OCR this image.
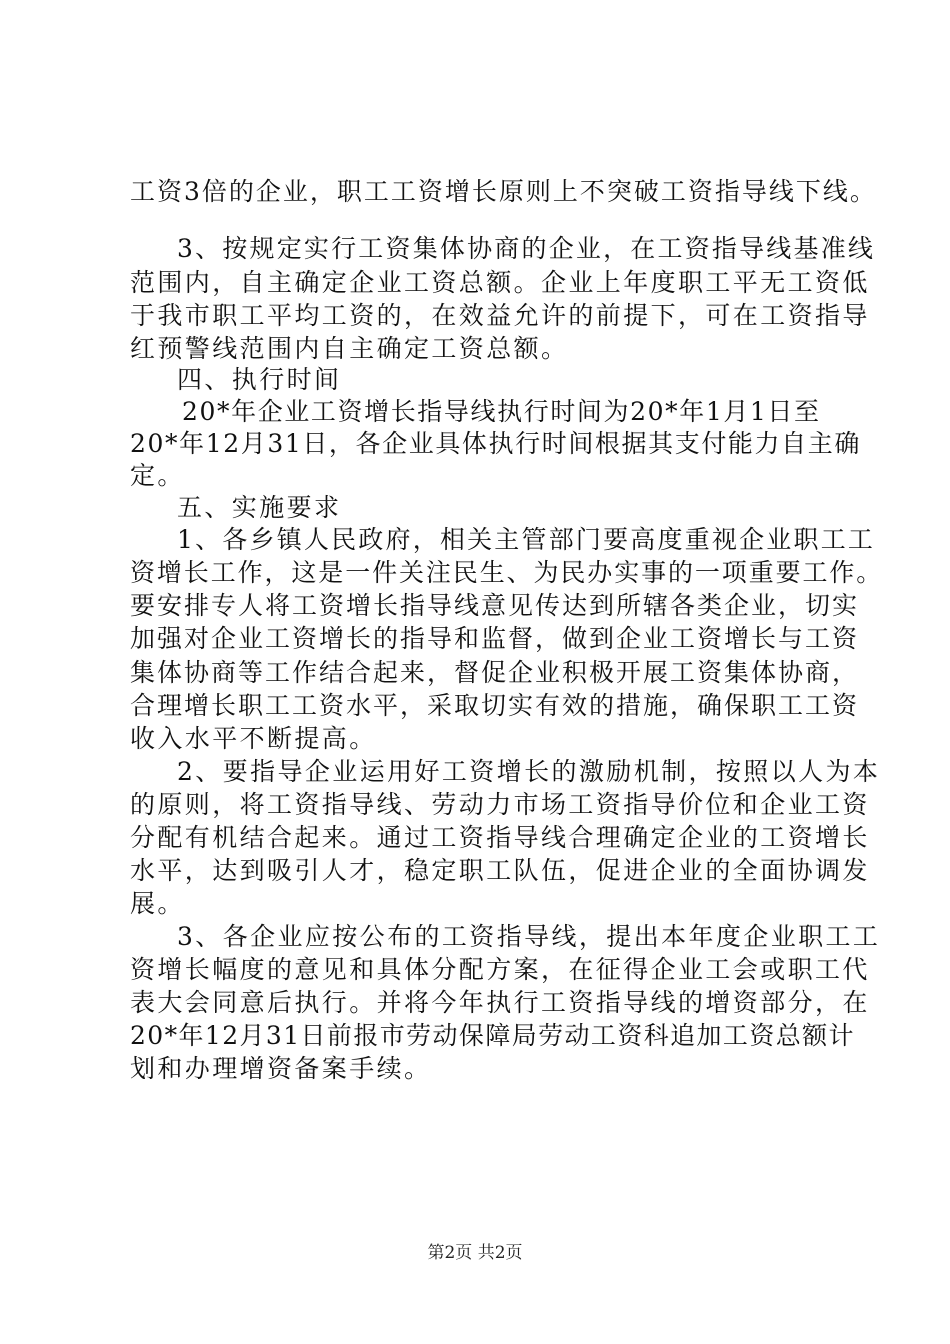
工资3倍的企业，职工工资增长原则上不突破工资指导线下线。
3、按规定实行工资集体协商的企业，在工资指导线基准线
范围内，自主确定企业工资总额。企业上年度职工平无工资低
于我市职工平均工资的，在效益允许的前提下，可在工资指导
红预警线范围内自主确定工资总额。
四、执行时间
20*年企业工资增长指导线执行时间为20*年1月1日至
20*年12月31日，各企业具体执行时间根据其支付能力自主确
定。
五、实施要求
1、各乡镇人民政府，相关主管部门要高度重视企业职工工
资增长工作，这是一件关注民生、为民办实事的一项重要工作。
要安排专人将工资增长指导线意见传达到所辖各类企业，切实
加强对企业工资增长的指导和监督，做到企业工资增长与工资
集体协商等工作结合起来，督促企业积极开展工资集体协商，
合理增长职工工资水平，采取切实有效的措施，确保职工工资
收入水平不断提高。
2、要指导企业运用好工资增长的激励机制，按照以人为本
的原则，将工资指导线、劳动力市场工资指导价位和企业工资
分配有机结合起来。通过工资指导线合理确定企业的工资增长
水平，达到吸引人才，稳定职工队伍，促进企业的全面协调发
展。
3、各企业应按公布的工资指导线，提出本年度企业职工工
资增长幅度的意见和具体分配方案，在征得企业工会或职工代
表大会同意后执行。并将今年执行工资指导线的增资部分，在
20*年12月31日前报市劳动保障局劳动工资科追加工资总额计
划和办理增资备案手续。
第2页 共2页
